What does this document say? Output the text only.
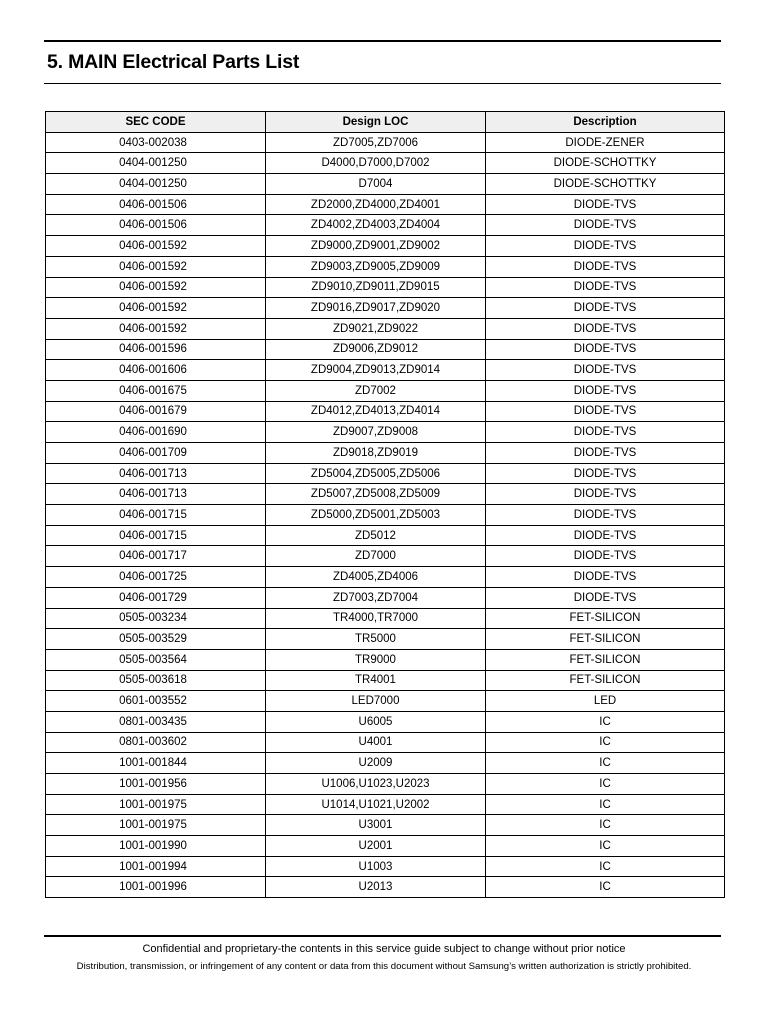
5. MAIN Electrical Parts List
SEC CODE	Design LOC	Description
0403-002038	ZD7005,ZD7006	DIODE-ZENER
0404-001250	D4000,D7000,D7002	DIODE-SCHOTTKY
0404-001250	D7004	DIODE-SCHOTTKY
0406-001506	ZD2000,ZD4000,ZD4001	DIODE-TVS
0406-001506	ZD4002,ZD4003,ZD4004	DIODE-TVS
0406-001592	ZD9000,ZD9001,ZD9002	DIODE-TVS
0406-001592	ZD9003,ZD9005,ZD9009	DIODE-TVS
0406-001592	ZD9010,ZD9011,ZD9015	DIODE-TVS
0406-001592	ZD9016,ZD9017,ZD9020	DIODE-TVS
0406-001592	ZD9021,ZD9022	DIODE-TVS
0406-001596	ZD9006,ZD9012	DIODE-TVS
0406-001606	ZD9004,ZD9013,ZD9014	DIODE-TVS
0406-001675	ZD7002	DIODE-TVS
0406-001679	ZD4012,ZD4013,ZD4014	DIODE-TVS
0406-001690	ZD9007,ZD9008	DIODE-TVS
0406-001709	ZD9018,ZD9019	DIODE-TVS
0406-001713	ZD5004,ZD5005,ZD5006	DIODE-TVS
0406-001713	ZD5007,ZD5008,ZD5009	DIODE-TVS
0406-001715	ZD5000,ZD5001,ZD5003	DIODE-TVS
0406-001715	ZD5012	DIODE-TVS
0406-001717	ZD7000	DIODE-TVS
0406-001725	ZD4005,ZD4006	DIODE-TVS
0406-001729	ZD7003,ZD7004	DIODE-TVS
0505-003234	TR4000,TR7000	FET-SILICON
0505-003529	TR5000	FET-SILICON
0505-003564	TR9000	FET-SILICON
0505-003618	TR4001	FET-SILICON
0601-003552	LED7000	LED
0801-003435	U6005	IC
0801-003602	U4001	IC
1001-001844	U2009	IC
1001-001956	U1006,U1023,U2023	IC
1001-001975	U1014,U1021,U2002	IC
1001-001975	U3001	IC
1001-001990	U2001	IC
1001-001994	U1003	IC
1001-001996	U2013	IC
Confidential and proprietary-the contents in this service guide subject to change without prior notice
Distribution, transmission, or infringement of any content or data from this document without Samsung’s written authorization is strictly prohibited.
